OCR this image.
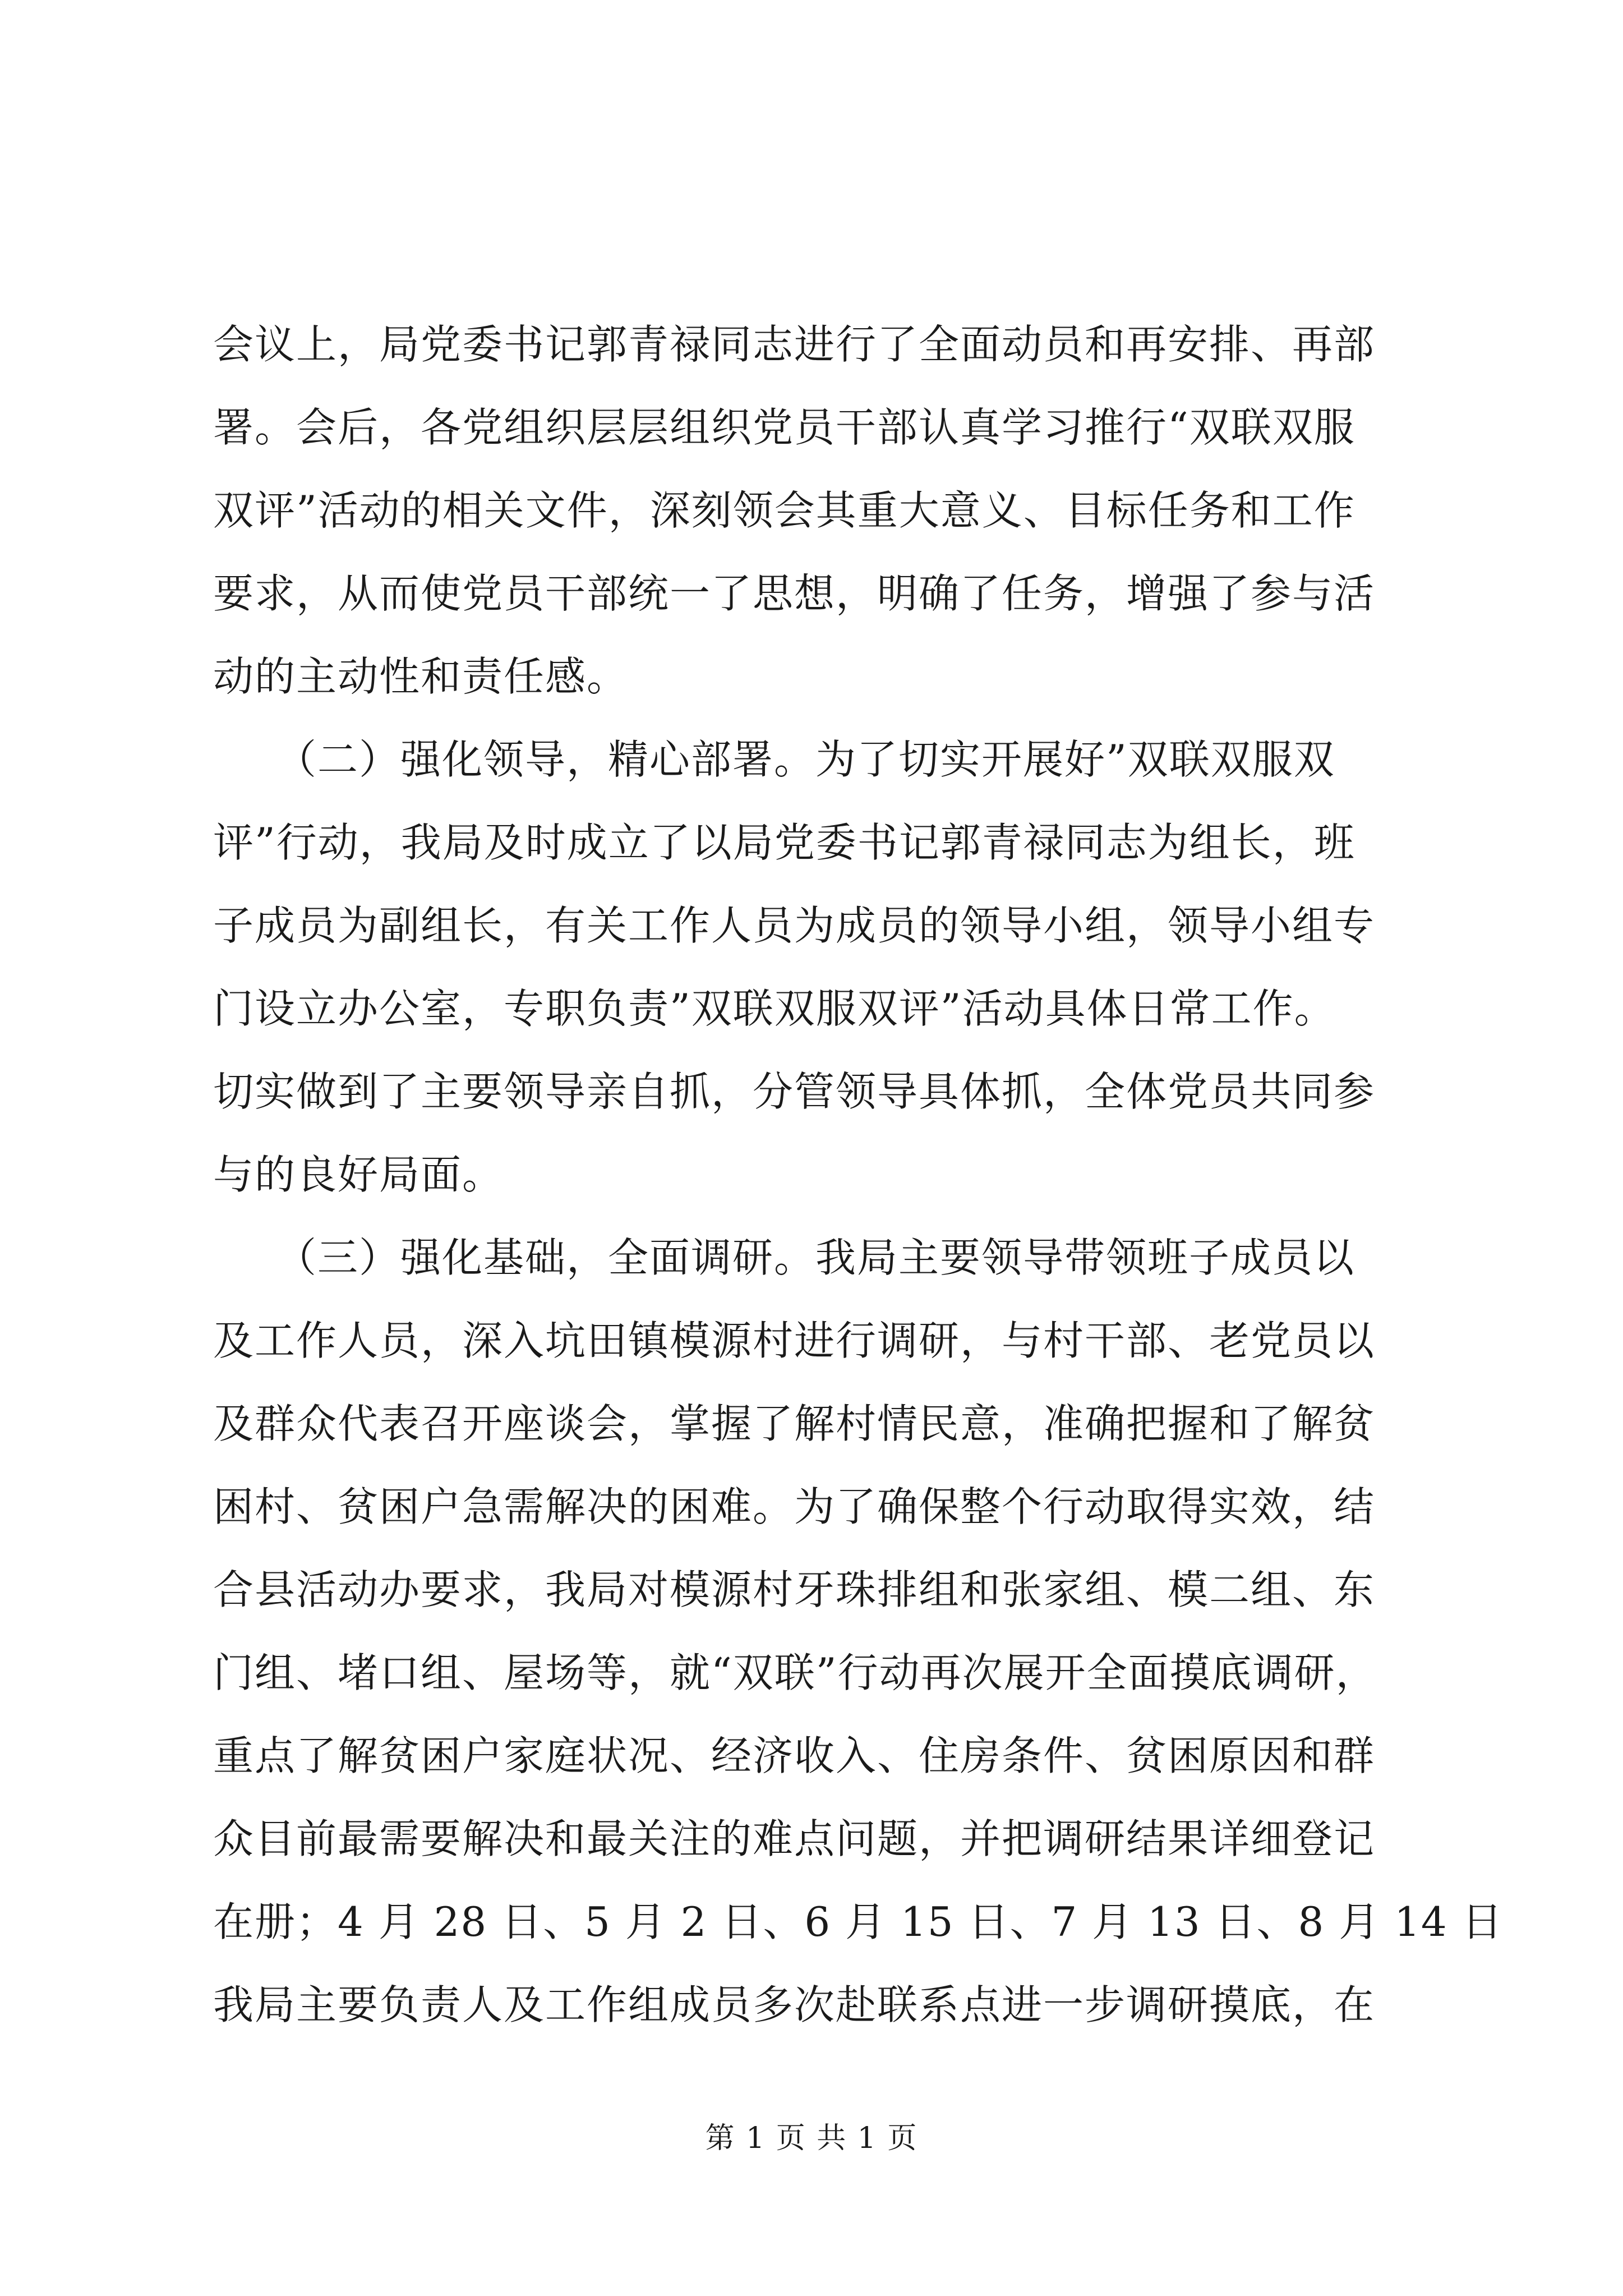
会议上，局党委书记郭青禄同志进行了全面动员和再安排、再部
署。会后，各党组织层层组织党员干部认真学习推行“双联双服
双评”活动的相关文件，深刻领会其重大意义、目标任务和工作
要求，从而使党员干部统一了思想，明确了任务，增强了参与活
动的主动性和责任感。
　　（二）强化领导，精心部署。为了切实开展好”双联双服双
评”行动，我局及时成立了以局党委书记郭青禄同志为组长，班
子成员为副组长，有关工作人员为成员的领导小组，领导小组专
门设立办公室，专职负责”双联双服双评”活动具体日常工作。
切实做到了主要领导亲自抓，分管领导具体抓，全体党员共同参
与的良好局面。
　　（三）强化基础，全面调研。我局主要领导带领班子成员以
及工作人员，深入坑田镇模源村进行调研，与村干部、老党员以
及群众代表召开座谈会，掌握了解村情民意，准确把握和了解贫
困村、贫困户急需解决的困难。为了确保整个行动取得实效，结
合县活动办要求，我局对模源村牙珠排组和张家组、模二组、东
门组、堵口组、屋场等，就“双联”行动再次展开全面摸底调研，
重点了解贫困户家庭状况、经济收入、住房条件、贫困原因和群
众目前最需要解决和最关注的难点问题，并把调研结果详细登记
在册；4 月 28 日、5 月 2 日、6 月 15 日、7 月 13 日、8 月 14 日
我局主要负责人及工作组成员多次赴联系点进一步调研摸底，在
第 1 页 共 1 页
